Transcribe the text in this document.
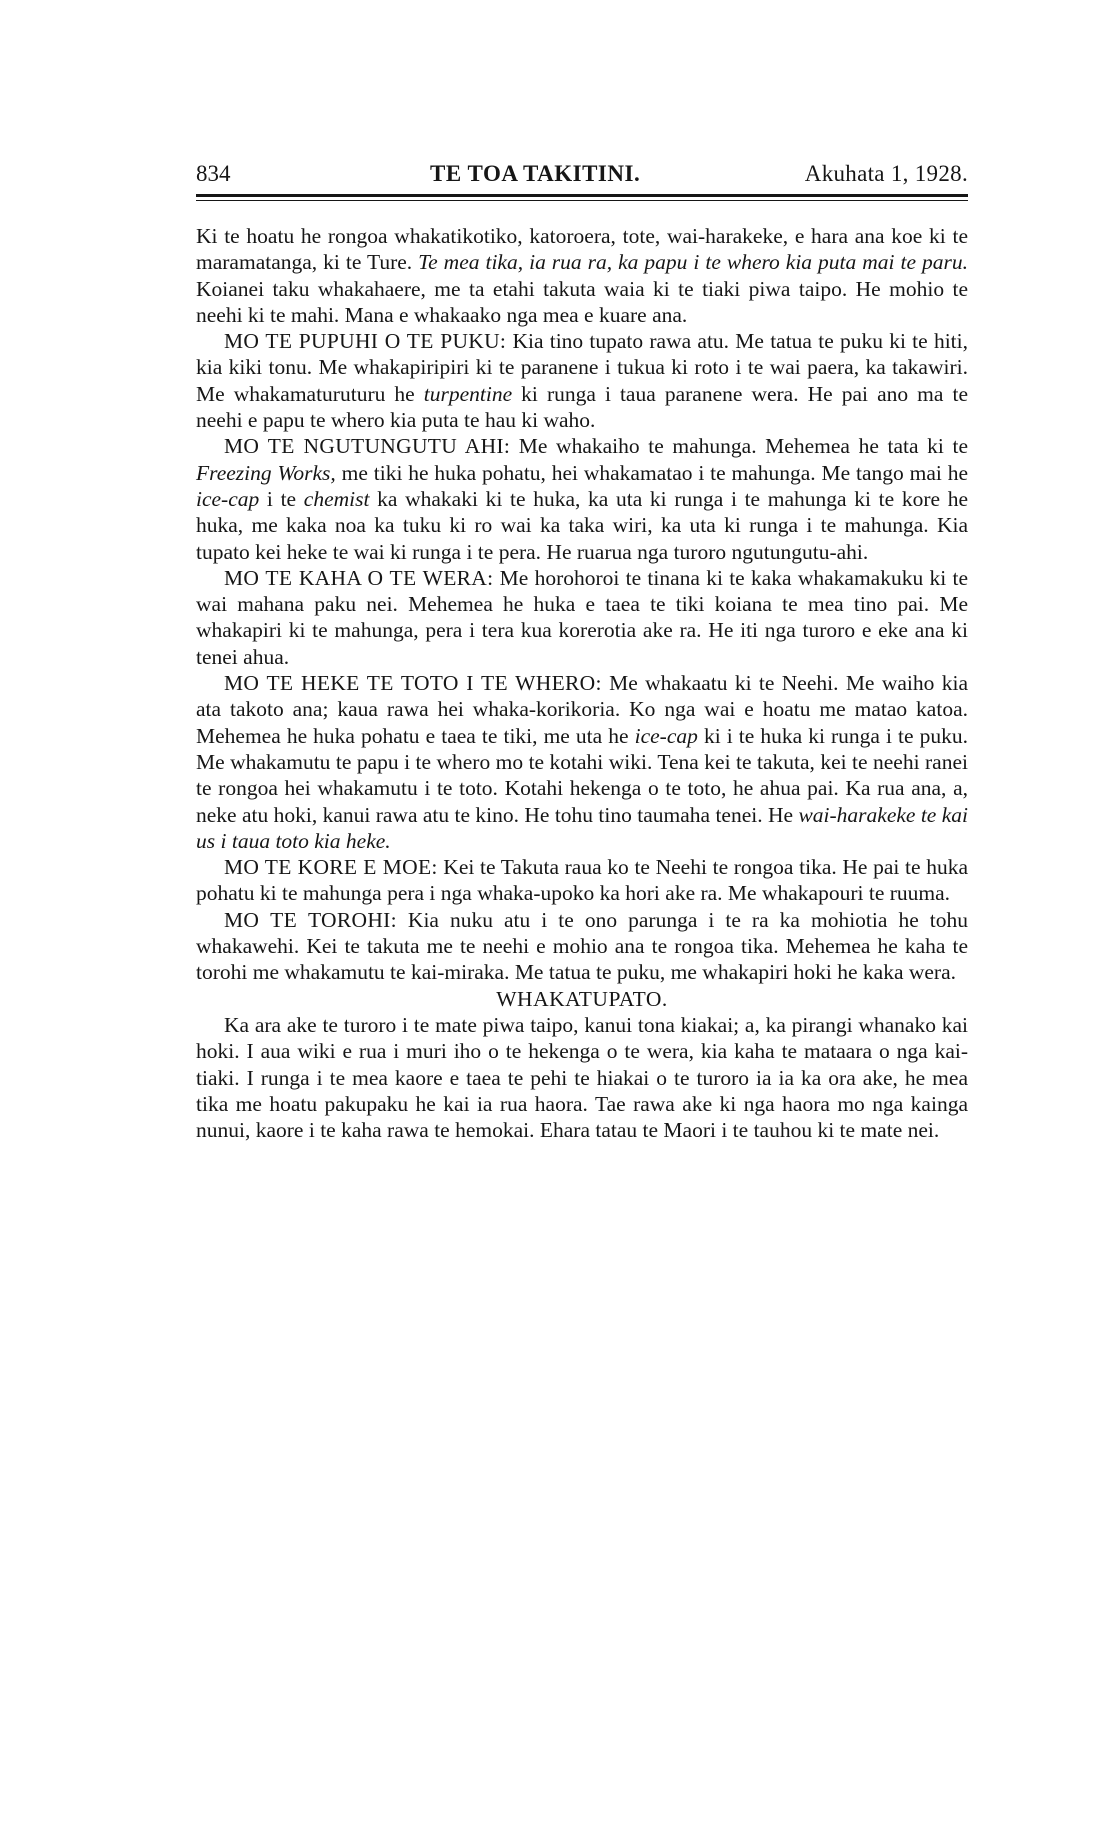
834	TE TOA TAKITINI.	Akuhata 1, 1928.

Ki te hoatu he rongoa whakatikotiko, katoroera, tote, wai-harakeke, e hara ana koe ki te maramatanga, ki te Ture. Te mea tika, ia rua ra, ka papu i te whero kia puta mai te paru. Koianei taku whakahaere, me ta etahi takuta waia ki te tiaki piwa taipo. He mohio te neehi ki te mahi. Mana e whakaako nga mea e kuare ana.

MO TE PUPUHI O TE PUKU: Kia tino tupato rawa atu. Me tatua te puku ki te hiti, kia kiki tonu. Me whakapiripiri ki te paranene i tukua ki roto i te wai paera, ka takawiri. Me whakamaturuturu he turpentine ki runga i taua paranene wera. He pai ano ma te neehi e papu te whero kia puta te hau ki waho.

MO TE NGUTUNGUTU AHI: Me whakaiho te mahunga. Mehemea he tata ki te Freezing Works, me tiki he huka pohatu, hei whakamatao i te mahunga. Me tango mai he ice-cap i te chemist ka whakaki ki te huka, ka uta ki runga i te mahunga ki te kore he huka, me kaka noa ka tuku ki ro wai ka taka wiri, ka uta ki runga i te mahunga. Kia tupato kei heke te wai ki runga i te pera. He ruarua nga turoro ngutungutu-ahi.

MO TE KAHA O TE WERA: Me horohoroi te tinana ki te kaka whakamakuku ki te wai mahana paku nei. Mehemea he huka e taea te tiki koiana te mea tino pai. Me whakapiri ki te mahunga, pera i tera kua korerotia ake ra. He iti nga turoro e eke ana ki tenei ahua.

MO TE HEKE TE TOTO I TE WHERO: Me whakaatu ki te Neehi. Me waiho kia ata takoto ana; kaua rawa hei whaka-korikoria. Ko nga wai e hoatu me matao katoa. Mehemea he huka pohatu e taea te tiki, me uta he ice-cap ki i te huka ki runga i te puku. Me whakamutu te papu i te whero mo te kotahi wiki. Tena kei te takuta, kei te neehi ranei te rongoa hei whakamutu i te toto. Kotahi hekenga o te toto, he ahua pai. Ka rua ana, a, neke atu hoki, kanui rawa atu te kino. He tohu tino taumaha tenei. He wai-harakeke te kai us i taua toto kia heke.

MO TE KORE E MOE: Kei te Takuta raua ko te Neehi te rongoa tika. He pai te huka pohatu ki te mahunga pera i nga whaka-upoko ka hori ake ra. Me whakapouri te ruuma.

MO TE TOROHI: Kia nuku atu i te ono parunga i te ra ka mohiotia he tohu whakawehi. Kei te takuta me te neehi e mohio ana te rongoa tika. Mehemea he kaha te torohi me whakamutu te kai-miraka. Me tatua te puku, me whakapiri hoki he kaka wera.

WHAKATUPATO.

Ka ara ake te turoro i te mate piwa taipo, kanui tona kiakai; a, ka pirangi whanako kai hoki. I aua wiki e rua i muri iho o te hekenga o te wera, kia kaha te mataara o nga kai-tiaki. I runga i te mea kaore e taea te pehi te hiakai o te turoro ia ia ka ora ake, he mea tika me hoatu pakupaku he kai ia rua haora. Tae rawa ake ki nga haora mo nga kainga nunui, kaore i te kaha rawa te hemokai. Ehara tatau te Maori i te tauhou ki te mate nei.
